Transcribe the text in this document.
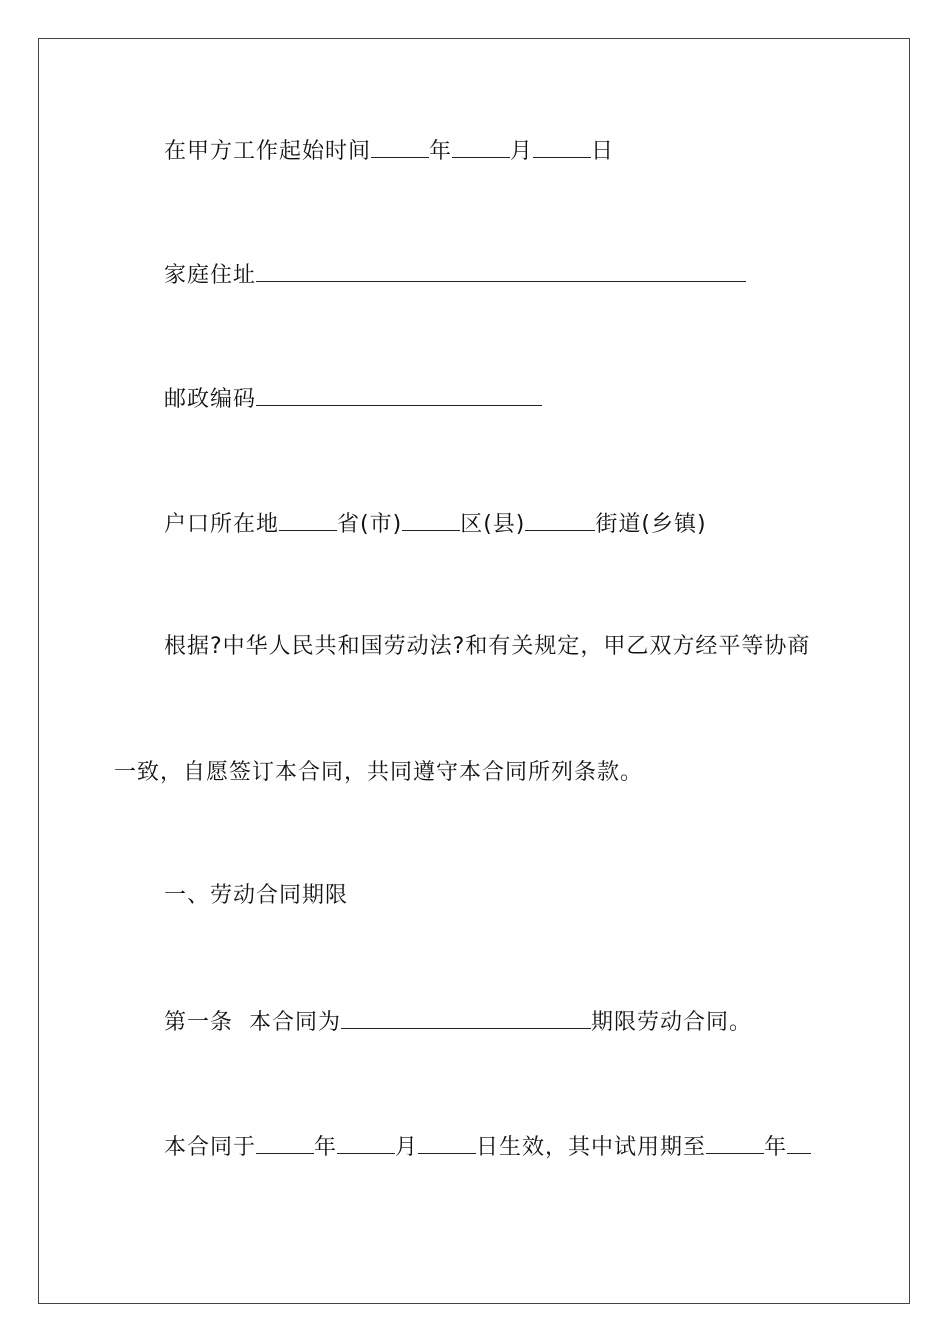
在甲方工作起始时间	年	月	日
家庭住址
邮政编码
户口所在地	省(市)	区(县)	街道(乡镇)
根据?中华人民共和国劳动法?和有关规定，甲乙双方经平等协商
一致，自愿签订本合同，共同遵守本合同所列条款。
一、劳动合同期限
第一条  本合同为	期限劳动合同。
本合同于	年	月	日生效，其中试用期至	年
